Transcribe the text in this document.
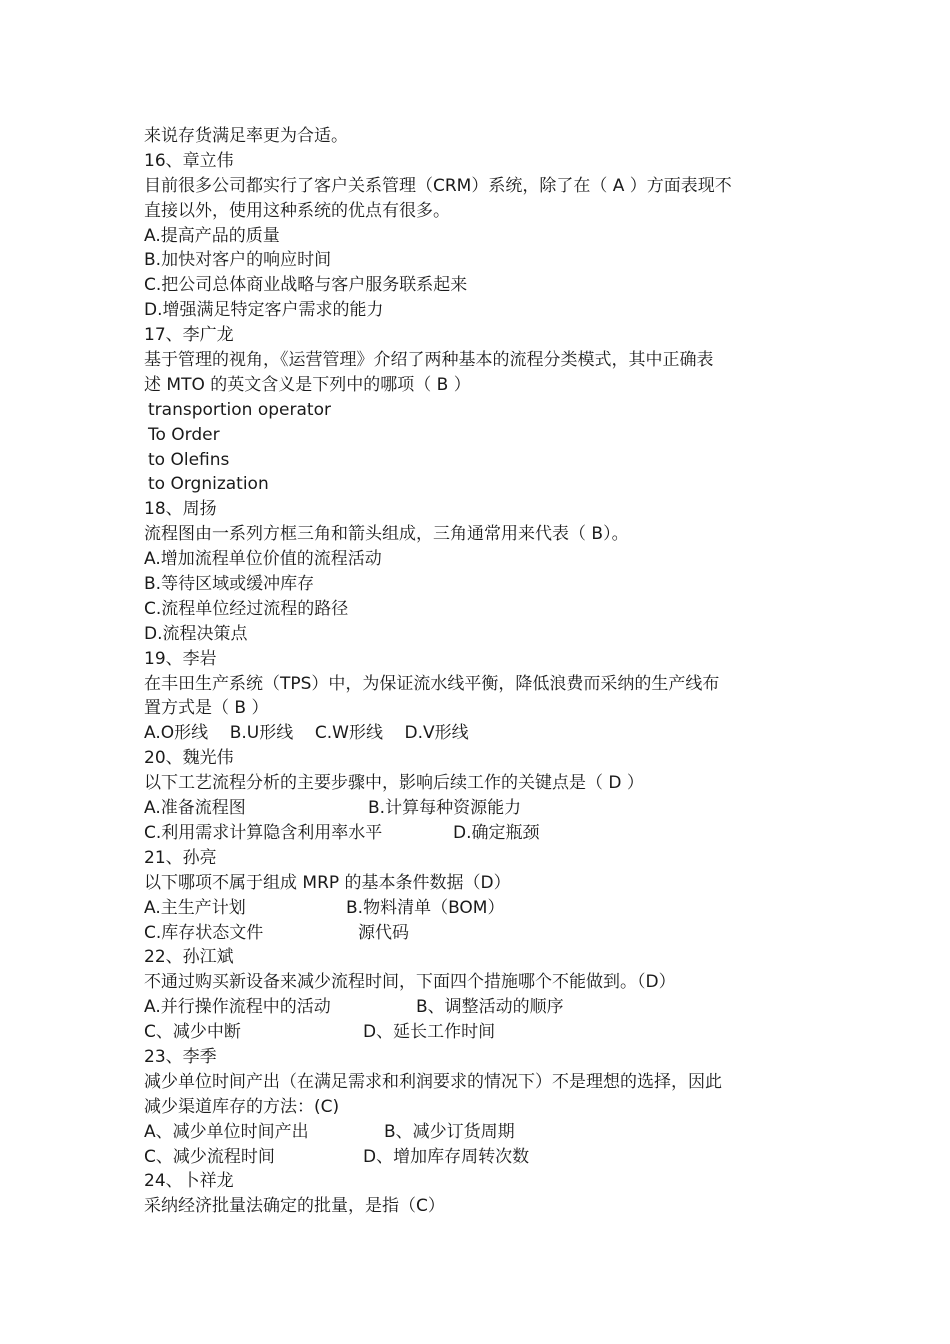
来说存货满足率更为合适。
16、章立伟
目前很多公司都实行了客户关系管理（CRM）系统，除了在（ A ）方面表现不
直接以外，使用这种系统的优点有很多。
A.提高产品的质量
B.加快对客户的响应时间
C.把公司总体商业战略与客户服务联系起来
D.增强满足特定客户需求的能力
17、李广龙
基于管理的视角，《运营管理》介绍了两种基本的流程分类模式，其中正确表
述 MTO 的英文含义是下列中的哪项（ B ）
transportion operator
To Order
to Olefins
to Orgnization
18、周扬
流程图由一系列方框三角和箭头组成，三角通常用来代表（ B）。
A.增加流程单位价值的流程活动
B.等待区域或缓冲库存
C.流程单位经过流程的路径
D.流程决策点
19、李岩
在丰田生产系统（TPS）中，为保证流水线平衡，降低浪费而采纳的生产线布
置方式是（ B ）
A.O形线    B.U形线    C.W形线    D.V形线
20、魏光伟
以下工艺流程分析的主要步骤中，影响后续工作的关键点是（ D ）

A.准备流程图

	B.计算每种资源能力

C.利用需求计算隐含利用率水平

	D.确定瓶颈

21、孙亮
以下哪项不属于组成 MRP 的基本条件数据（D）

A.主生产计划

	B.物料清单（BOM）

C.库存状态文件

	源代码

22、孙江斌
不通过购买新设备来减少流程时间，下面四个措施哪个不能做到。（D）

A.并行操作流程中的活动

	B、调整活动的顺序

C、减少中断

	D、延长工作时间

23、李季
减少单位时间产出（在满足需求和利润要求的情况下）不是理想的选择，因此
减少渠道库存的方法：(C)

A、减少单位时间产出

	B、减少订货周期

C、减少流程时间

	D、增加库存周转次数

24、卜祥龙
采纳经济批量法确定的批量，是指（C）
